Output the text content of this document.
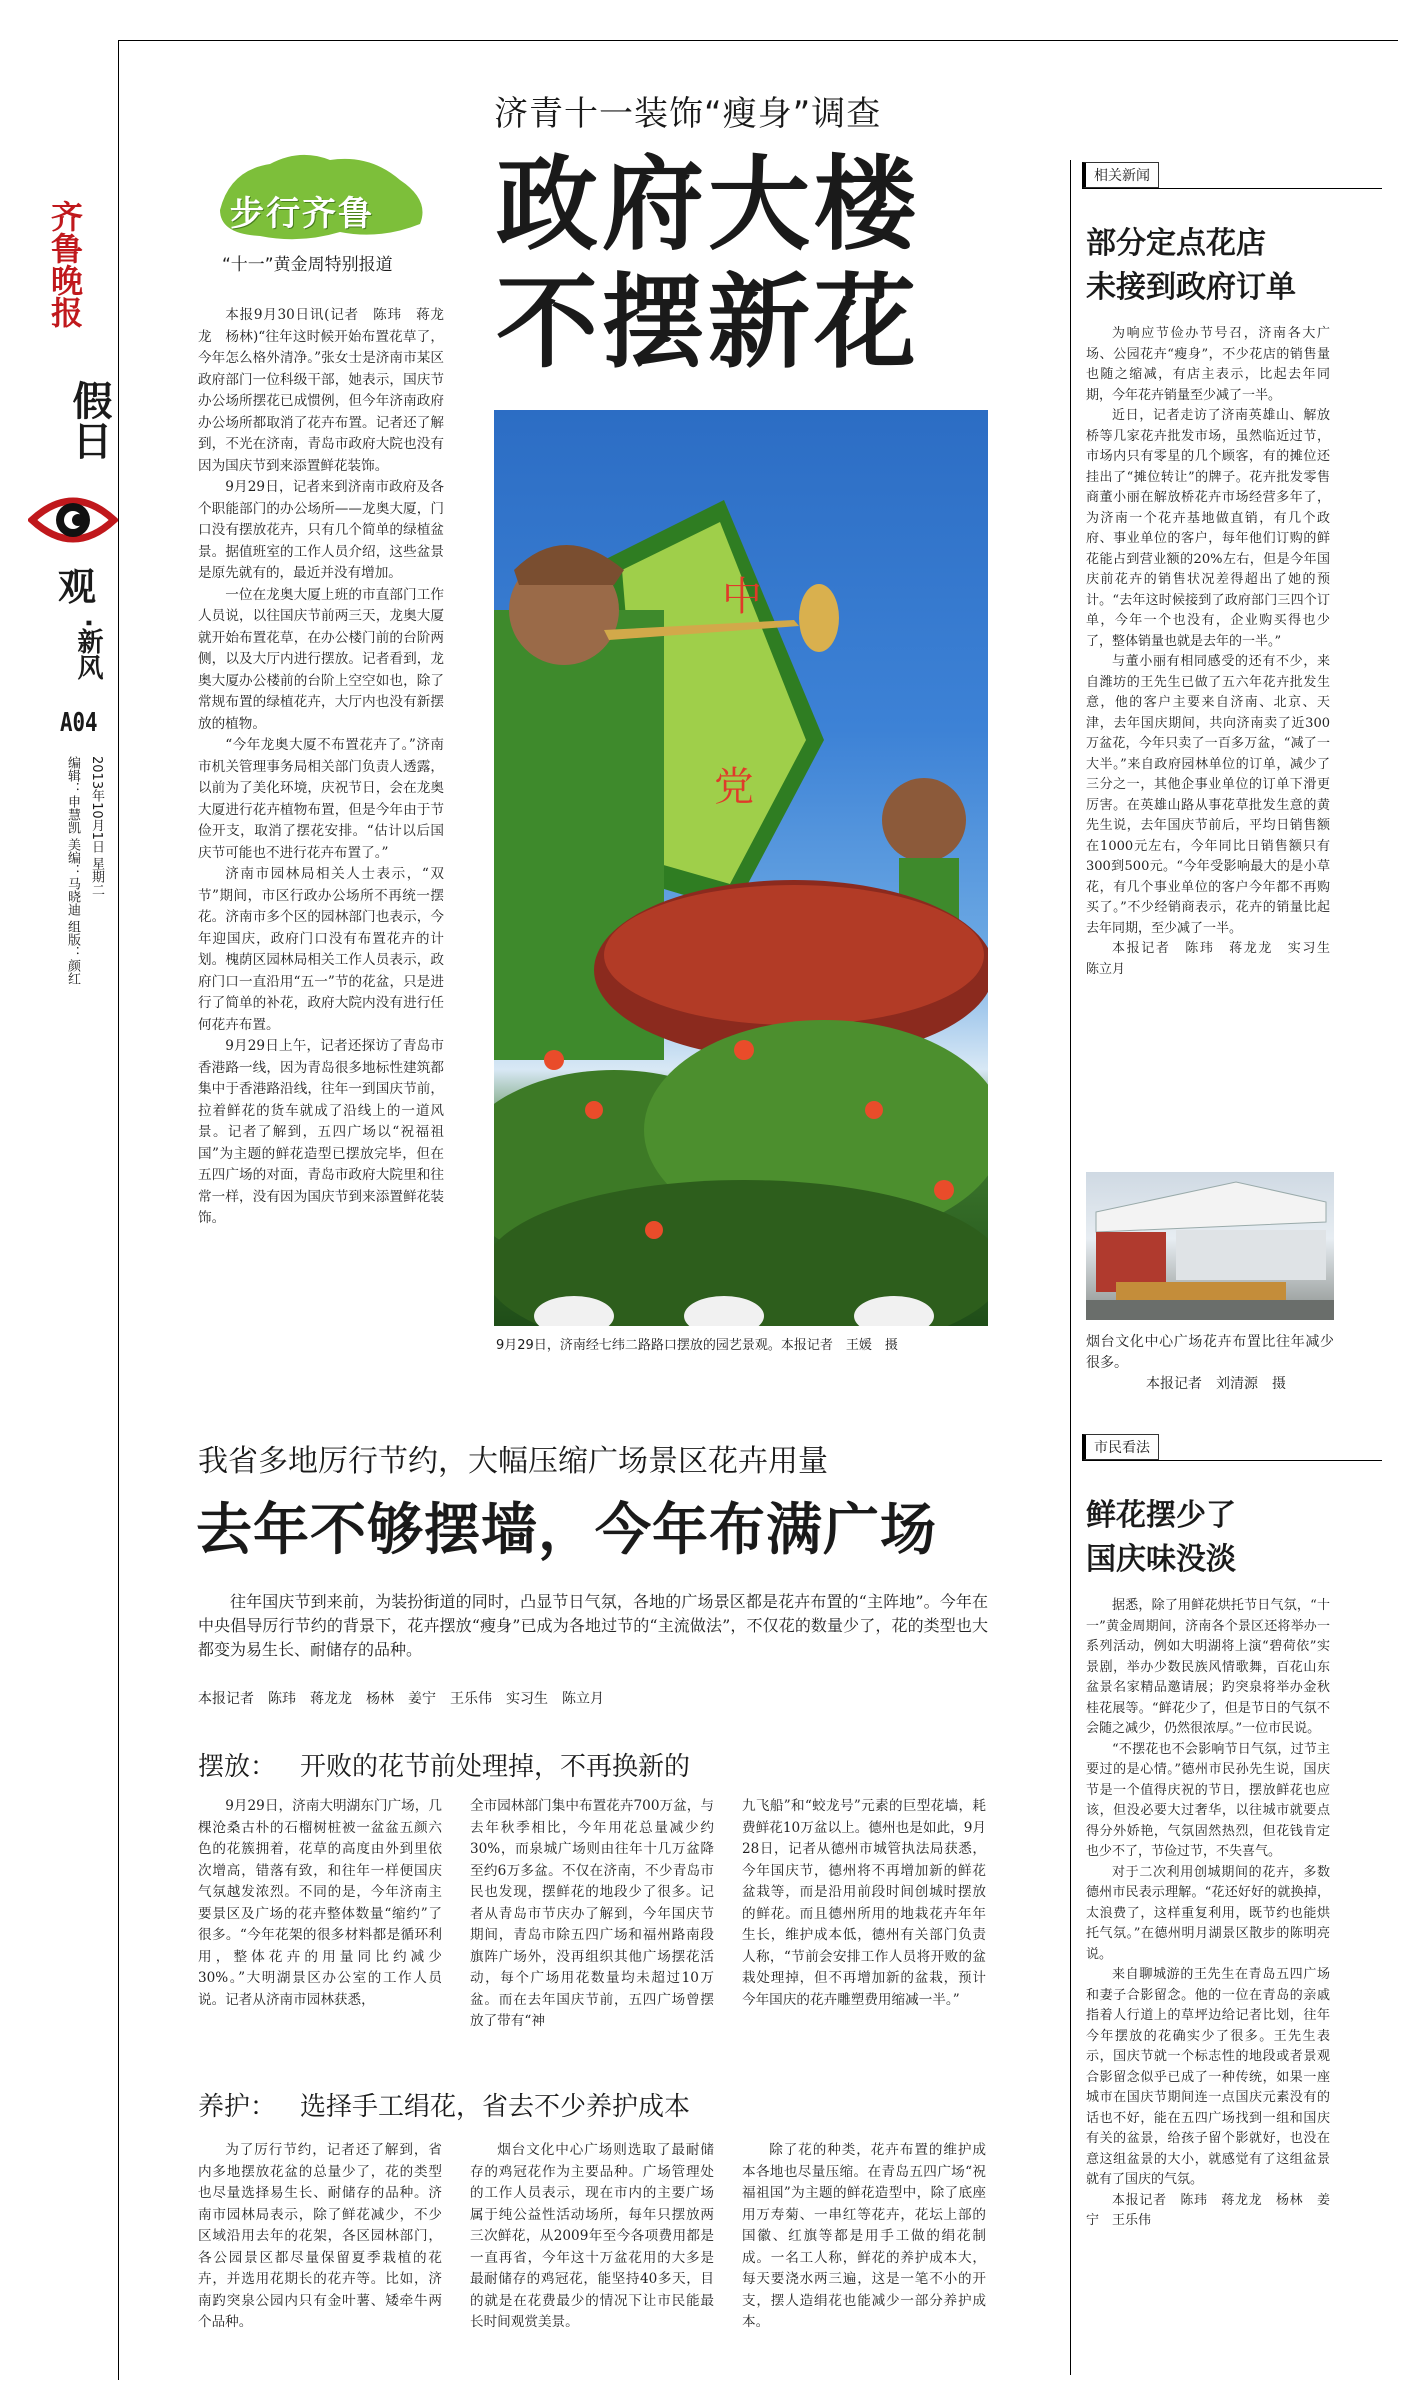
齐鲁晚报
假日
观
·新风
A04
2013年10月1日 星期二
编辑：申慧凯 美编：马晓迪 组版：颜红
步行齐鲁
“十一”黄金周特别报道
济青十一装饰“瘦身”调查
政府大楼
不摆新花

本报9月30日讯(记者　陈玮　蒋龙龙　杨林)“往年这时候开始布置花草了，今年怎么格外清净。”张女士是济南市某区政府部门一位科级干部，她表示，国庆节办公场所摆花已成惯例，但今年济南政府办公场所都取消了花卉布置。记者还了解到，不光在济南，青岛市政府大院也没有因为国庆节到来添置鲜花装饰。

9月29日，记者来到济南市政府及各个职能部门的办公场所——龙奥大厦，门口没有摆放花卉，只有几个简单的绿植盆景。据值班室的工作人员介绍，这些盆景是原先就有的，最近并没有增加。

一位在龙奥大厦上班的市直部门工作人员说，以往国庆节前两三天，龙奥大厦就开始布置花草，在办公楼门前的台阶两侧，以及大厅内进行摆放。记者看到，龙奥大厦办公楼前的台阶上空空如也，除了常规布置的绿植花卉，大厅内也没有新摆放的植物。

“今年龙奥大厦不布置花卉了。”济南市机关管理事务局相关部门负责人透露，以前为了美化环境，庆祝节日，会在龙奥大厦进行花卉植物布置，但是今年由于节俭开支，取消了摆花安排。“估计以后国庆节可能也不进行花卉布置了。”

济南市园林局相关人士表示，“双节”期间，市区行政办公场所不再统一摆花。济南市多个区的园林部门也表示，今年迎国庆，政府门口没有布置花卉的计划。槐荫区园林局相关工作人员表示，政府门口一直沿用“五一”节的花盆，只是进行了简单的补花，政府大院内没有进行任何花卉布置。

9月29日上午，记者还探访了青岛市香港路一线，因为青岛很多地标性建筑都集中于香港路沿线，往年一到国庆节前，拉着鲜花的货车就成了沿线上的一道风景。记者了解到，五四广场以“祝福祖国”为主题的鲜花造型已摆放完毕，但在五四广场的对面，青岛市政府大院里和往常一样，没有因为国庆节到来添置鲜花装饰。

中
党
9月29日，济南经七纬二路路口摆放的园艺景观。本报记者　王媛　摄
相关新闻
部分定点花店
未接到政府订单

为响应节俭办节号召，济南各大广场、公园花卉“瘦身”，不少花店的销售量也随之缩减，有店主表示，比起去年同期，今年花卉销量至少减了一半。

近日，记者走访了济南英雄山、解放桥等几家花卉批发市场，虽然临近过节，市场内只有零星的几个顾客，有的摊位还挂出了“摊位转让”的牌子。花卉批发零售商董小丽在解放桥花卉市场经营多年了，为济南一个花卉基地做直销，有几个政府、事业单位的客户，每年他们订购的鲜花能占到营业额的20%左右，但是今年国庆前花卉的销售状况差得超出了她的预计。“去年这时候接到了政府部门三四个订单，今年一个也没有，企业购买得也少了，整体销量也就是去年的一半。”

与董小丽有相同感受的还有不少，来自潍坊的王先生已做了五六年花卉批发生意，他的客户主要来自济南、北京、天津，去年国庆期间，共向济南卖了近300万盆花，今年只卖了一百多万盆，“减了一大半。”来自政府园林单位的订单，减少了三分之一，其他企事业单位的订单下滑更厉害。在英雄山路从事花草批发生意的黄先生说，去年国庆节前后，平均日销售额在1000元左右，今年同比日销售额只有300到500元。“今年受影响最大的是小草花，有几个事业单位的客户今年都不再购买了。”不少经销商表示，花卉的销量比起去年同期，至少减了一半。

本报记者　陈玮　蒋龙龙　实习生　陈立月

烟台文化中心广场花卉布置比往年减少很多。
本报记者　刘清源　摄
市民看法
鲜花摆少了
国庆味没淡

据悉，除了用鲜花烘托节日气氛，“十一”黄金周期间，济南各个景区还将举办一系列活动，例如大明湖将上演“碧荷依”实景剧，举办少数民族风情歌舞，百花山东盆景名家精品邀请展；趵突泉将举办金秋桂花展等。“鲜花少了，但是节日的气氛不会随之减少，仍然很浓厚。”一位市民说。

“不摆花也不会影响节日气氛，过节主要过的是心情。”德州市民孙先生说，国庆节是一个值得庆祝的节日，摆放鲜花也应该，但没必要大过奢华，以往城市就要点得分外娇艳，气氛固然热烈，但花钱肯定也少不了，节俭过节，不失喜气。

对于二次利用创城期间的花卉，多数德州市民表示理解。“花还好好的就换掉，太浪费了，这样重复利用，既节约也能烘托气氛。”在德州明月湖景区散步的陈明亮说。

来自聊城游的王先生在青岛五四广场和妻子合影留念。他的一位在青岛的亲戚指着人行道上的草坪边给记者比划，往年今年摆放的花确实少了很多。王先生表示，国庆节就一个标志性的地段或者景观合影留念似乎已成了一种传统，如果一座城市在国庆节期间连一点国庆元素没有的话也不好，能在五四广场找到一组和国庆有关的盆景，给孩子留个影就好，也没在意这组盆景的大小，就感觉有了这组盆景就有了国庆的气氛。

本报记者　陈玮　蒋龙龙　杨林　姜宁　王乐伟

我省多地厉行节约，大幅压缩广场景区花卉用量
去年不够摆墙，今年布满广场
往年国庆节到来前，为装扮街道的同时，凸显节日气氛，各地的广场景区都是花卉布置的“主阵地”。今年在中央倡导厉行节约的背景下，花卉摆放“瘦身”已成为各地过节的“主流做法”，不仅花的数量少了，花的类型也大都变为易生长、耐储存的品种。
本报记者　陈玮　蒋龙龙　杨林　姜宁　王乐伟　实习生　陈立月
摆放： 开败的花节前处理掉，不再换新的
9月29日，济南大明湖东门广场，几棵沧桑古朴的石榴树桩被一盆盆五颜六色的花簇拥着，花草的高度由外到里依次增高，错落有致，和往年一样便国庆气氛越发浓烈。不同的是，今年济南主要景区及广场的花卉整体数量“缩约”了很多。“今年花架的很多材料都是循环利用，整体花卉的用量同比约减少30%。”大明湖景区办公室的工作人员说。记者从济南市园林获悉，
全市园林部门集中布置花卉700万盆，与去年秋季相比，今年用花总量减少约30%，而泉城广场则由往年十几万盆降至约6万多盆。不仅在济南，不少青岛市民也发现，摆鲜花的地段少了很多。记者从青岛市节庆办了解到，今年国庆节期间，青岛市除五四广场和福州路南段旗阵广场外，没再组织其他广场摆花活动，每个广场用花数量均未超过10万盆。而在去年国庆节前，五四广场曾摆放了带有“神
九飞船”和“蛟龙号”元素的巨型花墙，耗费鲜花10万盆以上。德州也是如此，9月28日，记者从德州市城管执法局获悉，今年国庆节，德州将不再增加新的鲜花盆栽等，而是沿用前段时间创城时摆放的鲜花。而且德州所用的地栽花卉年年生长，维护成本低，德州有关部门负责人称，“节前会安排工作人员将开败的盆栽处理掉，但不再增加新的盆栽，预计今年国庆的花卉雕塑费用缩减一半。”
养护： 选择手工绢花，省去不少养护成本
为了厉行节约，记者还了解到，省内多地摆放花盆的总量少了，花的类型也尽量选择易生长、耐储存的品种。济南市园林局表示，除了鲜花减少，不少区域沿用去年的花架，各区园林部门，各公园景区都尽量保留夏季栽植的花卉，并选用花期长的花卉等。比如，济南趵突泉公园内只有金叶薯、矮牵牛两个品种。
烟台文化中心广场则选取了最耐储存的鸡冠花作为主要品种。广场管理处的工作人员表示，现在市内的主要广场属于纯公益性活动场所，每年只摆放两三次鲜花，从2009年至今各项费用都是一直再省，今年这十万盆花用的大多是最耐储存的鸡冠花，能坚持40多天，目的就是在花费最少的情况下让市民能最长时间观赏美景。
除了花的种类，花卉布置的维护成本各地也尽量压缩。在青岛五四广场“祝福祖国”为主题的鲜花造型中，除了底座用万寿菊、一串红等花卉，花坛上部的国徽、红旗等都是用手工做的绢花制成。一名工人称，鲜花的养护成本大，每天要浇水两三遍，这是一笔不小的开支，摆人造绢花也能减少一部分养护成本。
